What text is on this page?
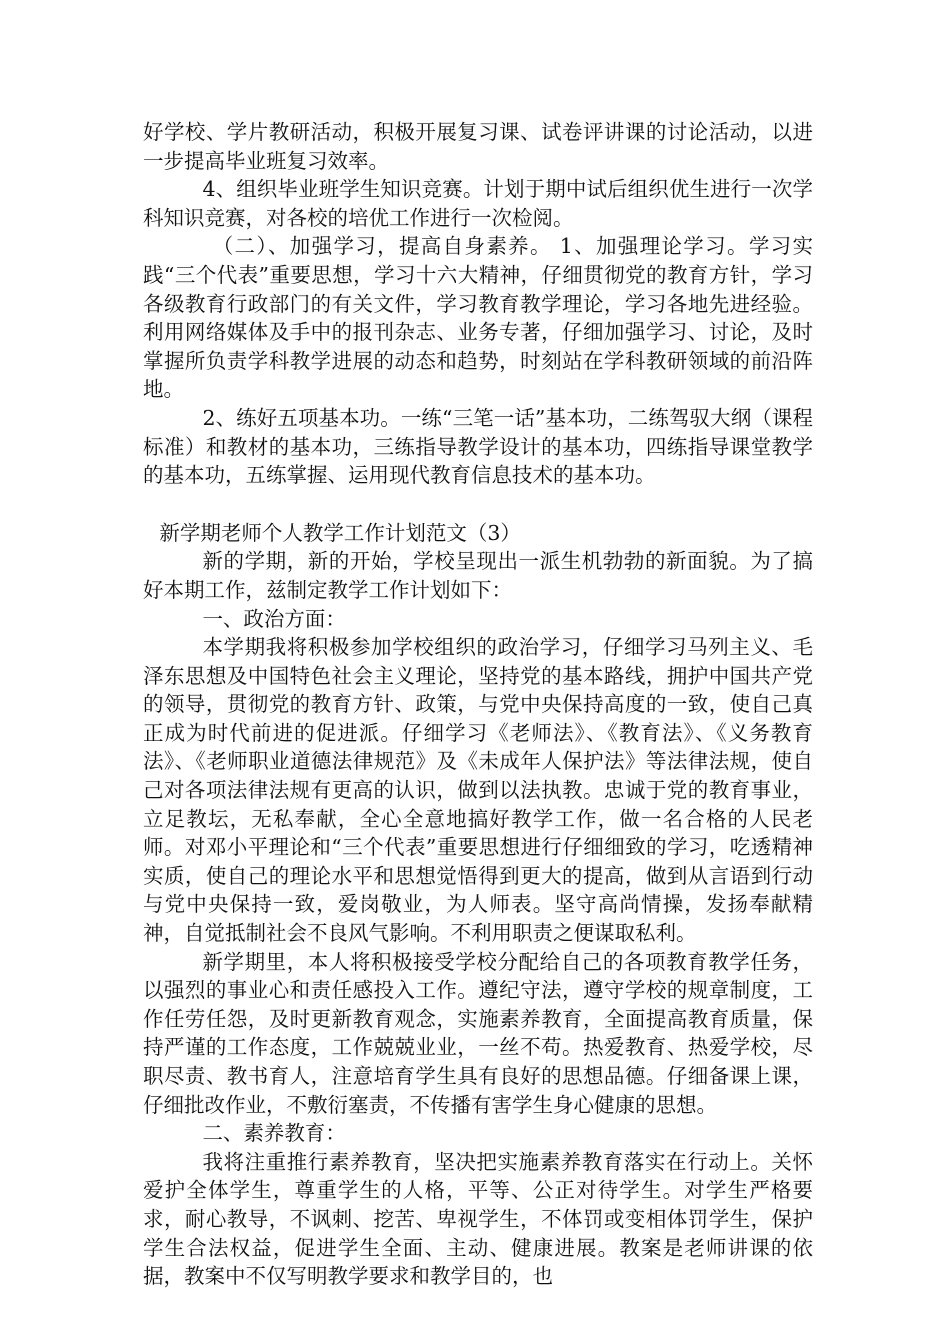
好学校、学片教研活动，积极开展复习课、试卷评讲课的讨论活动，以进一步提高毕业班复习效率。

4、组织毕业班学生知识竞赛。计划于期中试后组织优生进行一次学科知识竞赛，对各校的培优工作进行一次检阅。

（二）、加强学习，提高自身素养。 1、加强理论学习。学习实践“三个代表”重要思想，学习十六大精神，仔细贯彻党的教育方针，学习各级教育行政部门的有关文件，学习教育教学理论，学习各地先进经验。利用网络媒体及手中的报刊杂志、业务专著，仔细加强学习、讨论，及时掌握所负责学科教学进展的动态和趋势，时刻站在学科教研领域的前沿阵地。

2、练好五项基本功。一练“三笔一话”基本功，二练驾驭大纲（课程标准）和教材的基本功，三练指导教学设计的基本功，四练指导课堂教学的基本功，五练掌握、运用现代教育信息技术的基本功。

新学期老师个人教学工作计划范文（3）

新的学期，新的开始，学校呈现出一派生机勃勃的新面貌。为了搞好本期工作，兹制定教学工作计划如下：

一、政治方面：

本学期我将积极参加学校组织的政治学习，仔细学习马列主义、毛泽东思想及中国特色社会主义理论，坚持党的基本路线，拥护中国共产党的领导，贯彻党的教育方针、政策，与党中央保持高度的一致，使自己真正成为时代前进的促进派。仔细学习《老师法》、《教育法》、《义务教育法》、《老师职业道德法律规范》及《未成年人保护法》等法律法规，使自己对各项法律法规有更高的认识，做到以法执教。忠诚于党的教育事业，立足教坛，无私奉献，全心全意地搞好教学工作，做一名合格的人民老师。对邓小平理论和“三个代表”重要思想进行仔细细致的学习，吃透精神实质，使自己的理论水平和思想觉悟得到更大的提高，做到从言语到行动与党中央保持一致，爱岗敬业，为人师表。坚守高尚情操，发扬奉献精神，自觉抵制社会不良风气影响。不利用职责之便谋取私利。

新学期里，本人将积极接受学校分配给自己的各项教育教学任务，以强烈的事业心和责任感投入工作。遵纪守法，遵守学校的规章制度，工作任劳任怨，及时更新教育观念，实施素养教育，全面提高教育质量，保持严谨的工作态度，工作兢兢业业，一丝不苟。热爱教育、热爱学校，尽职尽责、教书育人，注意培育学生具有良好的思想品德。仔细备课上课，仔细批改作业，不敷衍塞责，不传播有害学生身心健康的思想。

二、素养教育：

我将注重推行素养教育，坚决把实施素养教育落实在行动上。关怀爱护全体学生，尊重学生的人格，平等、公正对待学生。对学生严格要求，耐心教导，不讽刺、挖苦、卑视学生，不体罚或变相体罚学生，保护学生合法权益，促进学生全面、主动、健康进展。教案是老师讲课的依据，教案中不仅写明教学要求和教学目的，也
